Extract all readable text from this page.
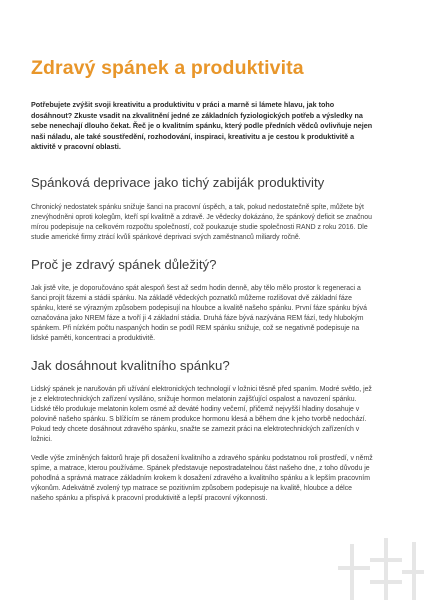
Zdravý spánek a produktivita

Potřebujete zvýšit svoji kreativitu a produktivitu v práci a marně si lámete hlavu, jak toho dosáhnout? Zkuste vsadit na zkvalitnění jedné ze základních fyziologických potřeb a výsledky na sebe nenechají dlouho čekat. Řeč je o kvalitním spánku, který podle předních vědců ovlivňuje nejen naši náladu, ale také soustředění, rozhodování, inspiraci, kreativitu a je cestou k produktivitě a aktivitě v pracovní oblasti.

Spánková deprivace jako tichý zabiják produktivity

Chronický nedostatek spánku snižuje šanci na pracovní úspěch, a tak, pokud nedostatečně spíte, můžete být znevýhodněni oproti kolegům, kteří spí kvalitně a zdravě. Je vědecky dokázáno, že spánkový deficit se značnou mírou podepisuje na celkovém rozpočtu společností, což poukazuje studie společnosti RAND z roku 2016. Dle studie americké firmy ztrácí kvůli spánkové deprivaci svých zaměstnanců miliardy ročně.

Proč je zdravý spánek důležitý?

Jak jistě víte, je doporučováno spát alespoň šest až sedm hodin denně, aby tělo mělo prostor k regeneraci a šanci projít fázemi a stádii spánku. Na základě vědeckých poznatků můžeme rozlišovat dvě základní fáze spánku, které se výrazným způsobem podepisují na hloubce a kvalitě našeho spánku. První fáze spánku bývá označována jako NREM fáze a tvoří ji 4 základní stádia. Druhá fáze bývá nazývána REM fází, tedy hlubokým spánkem. Při nízkém počtu naspaných hodin se podíl REM spánku snižuje, což se negativně podepisuje na lidské paměti, koncentraci a produktivitě.

Jak dosáhnout kvalitního spánku?

Lidský spánek je narušován při užívání elektronických technologií v ložnici těsně před spaním. Modré světlo, jež je z elektrotechnických zařízení vysíláno, snižuje hormon melatonin zajišťující ospalost a navození spánku. Lidské tělo produkuje melatonin kolem osmé až deváté hodiny večerní, přičemž nejvyšší hladiny dosahuje v polovině našeho spánku. S blížícím se ránem produkce hormonu klesá a během dne k jeho tvorbě nedochází. Pokud tedy chcete dosáhnout zdravého spánku, snažte se zamezit práci na elektrotechnických zařízeních v ložnici.

Vedle výše zmíněných faktorů hraje při dosažení kvalitního a zdravého spánku podstatnou roli prostředí, v němž spíme, a matrace, kterou používáme. Spánek představuje nepostradatelnou část našeho dne, z toho důvodu je pohodlná a správná matrace základním krokem k dosažení zdravého a kvalitního spánku a k lepším pracovním výkonům. Adekvátně zvolený typ matrace se pozitivním způsobem podepisuje na kvalitě, hloubce a délce našeho spánku a přispívá k pracovní produktivitě a lepší pracovní výkonnosti.
